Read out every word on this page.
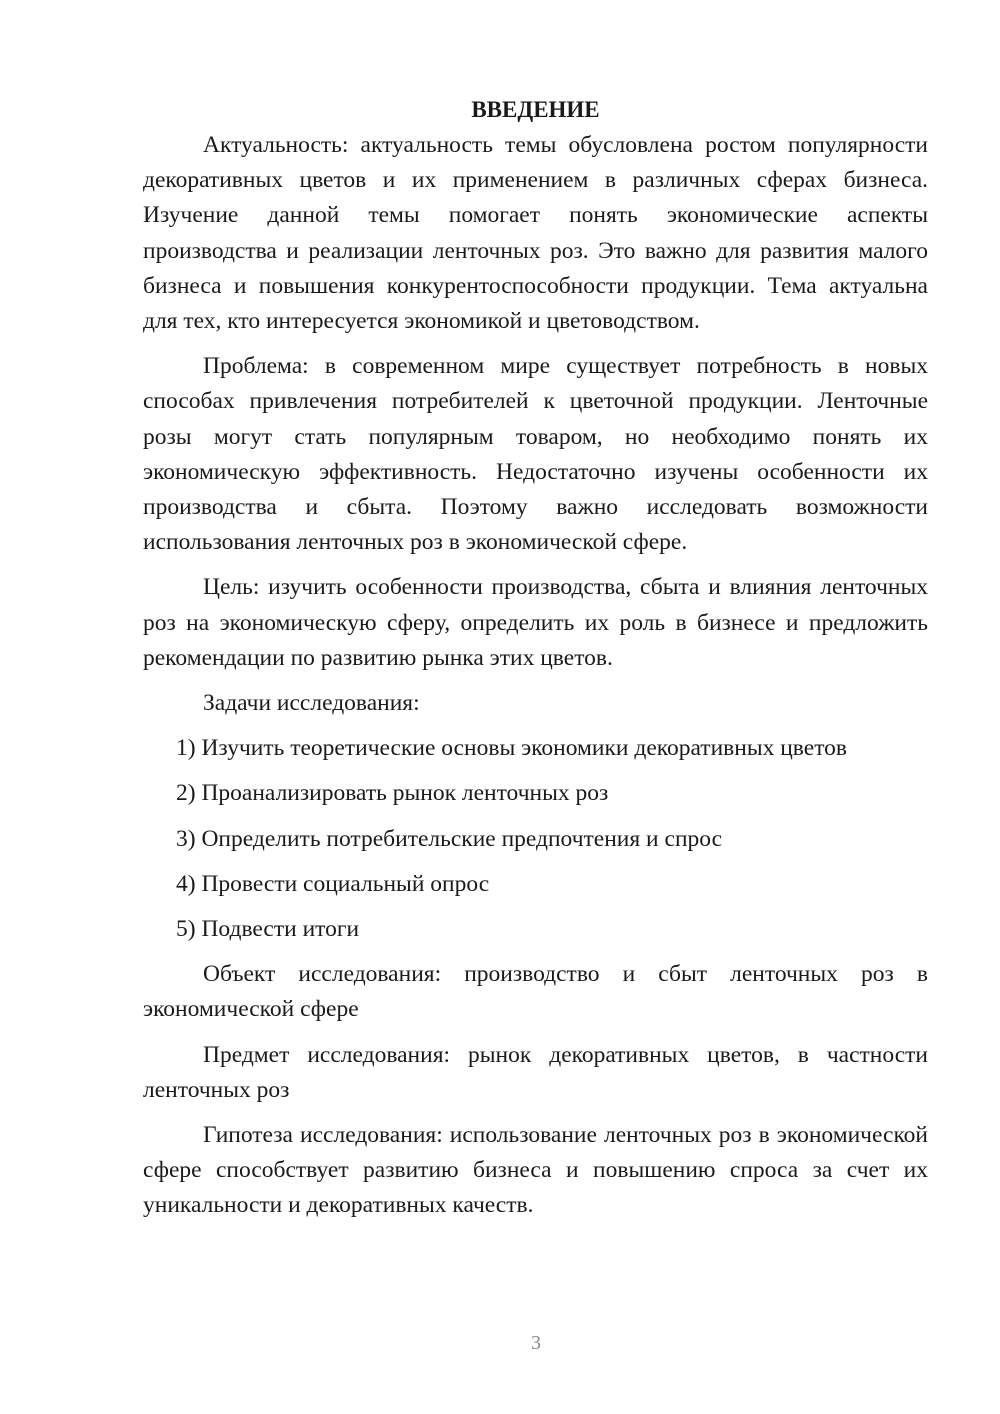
ВВЕДЕНИЕ

Актуальность: актуальность темы обусловлена ростом популярности декоративных цветов и их применением в различных сферах бизнеса. Изучение данной темы помогает понять экономические аспекты производства и реализации ленточных роз. Это важно для развития малого бизнеса и повышения конкурентоспособности продукции. Тема актуальна для тех, кто интересуется экономикой и цветоводством.

Проблема: в современном мире существует потребность в новых способах привлечения потребителей к цветочной продукции. Ленточные розы могут стать популярным товаром, но необходимо понять их экономическую эффективность. Недостаточно изучены особенности их производства и сбыта. Поэтому важно исследовать возможности использования ленточных роз в экономической сфере.

Цель: изучить особенности производства, сбыта и влияния ленточных роз на экономическую сферу, определить их роль в бизнесе и предложить рекомендации по развитию рынка этих цветов.

Задачи исследования:

1) Изучить теоретические основы экономики декоративных цветов

2) Проанализировать рынок ленточных роз

3) Определить потребительские предпочтения и спрос

4) Провести социальный опрос

5) Подвести итоги

Объект исследования: производство и сбыт ленточных роз в экономической сфере

Предмет исследования: рынок декоративных цветов, в частности ленточных роз

Гипотеза исследования: использование ленточных роз в экономической сфере способствует развитию бизнеса и повышению спроса за счет их уникальности и декоративных качеств.

3
